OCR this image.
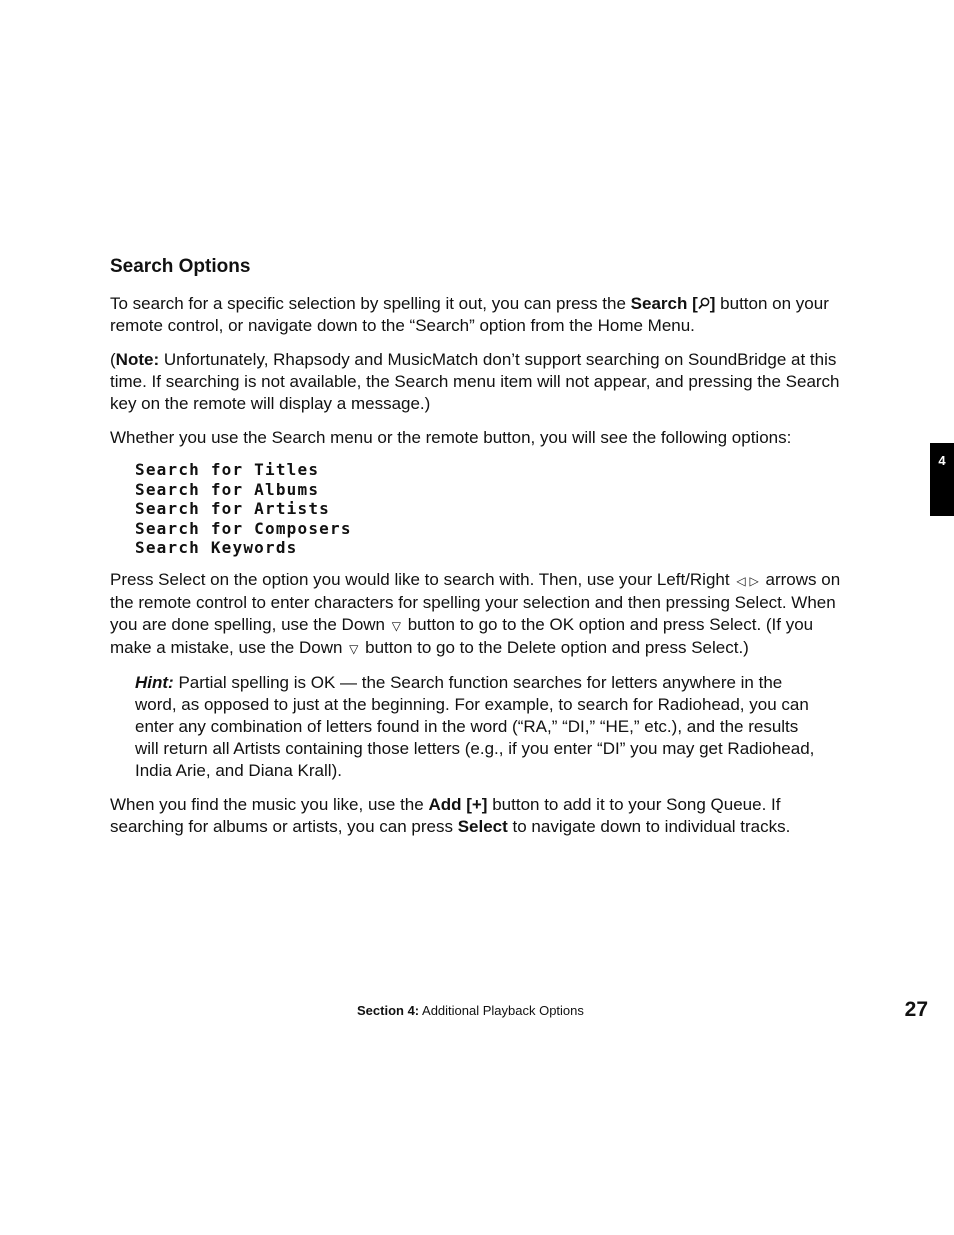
Search Options

To search for a specific selection by spelling it out, you can press the Search [ ] button on your remote control, or navigate down to the “Search” option from the Home Menu.

(Note: Unfortunately, Rhapsody and MusicMatch don’t support searching on SoundBridge at this time. If searching is not available, the Search menu item will not appear, and pressing the Search key on the remote will display a message.)

Whether you use the Search menu or the remote button, you will see the following options:

Search for Titles
Search for Albums
Search for Artists
Search for Composers
Search Keywords

Press Select on the option you would like to search with. Then, use your Left/Right ◁ ▷ arrows on the remote control to enter characters for spelling your selection and then pressing Select. When you are done spelling, use the Down ▽ button to go to the OK option and press Select. (If you make a mistake, use the Down ▽ button to go to the Delete option and press Select.)

Hint: Partial spelling is OK — the Search function searches for letters anywhere in the word, as opposed to just at the beginning. For example, to search for Radiohead, you can enter any combination of letters found in the word (“RA,” “DI,” “HE,” etc.), and the results will return all Artists containing those letters (e.g., if you enter “DI” you may get Radiohead, India Arie, and Diana Krall).

When you find the music you like, use the Add [+] button to add it to your Song Queue. If searching for albums or artists, you can press Select to navigate down to individual tracks.

4
Section 4: Additional Playback Options	27
